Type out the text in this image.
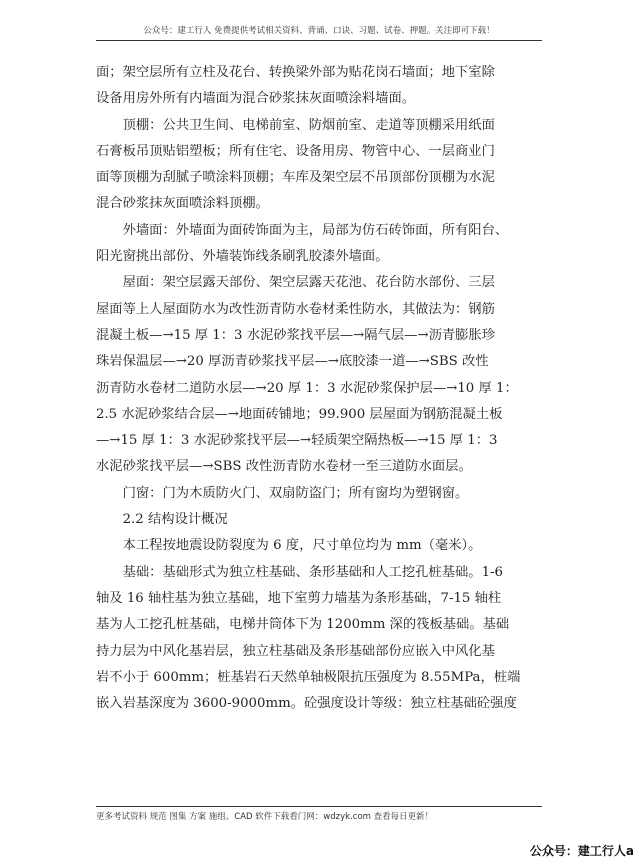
公众号：建工行人 免费提供考试相关资料、背诵、口诀、习题、试卷、押题。关注即可下载！

面；架空层所有立柱及花台、转换梁外部为贴花岗石墙面；地下室除

设备用房外所有内墙面为混合砂浆抹灰面喷涂料墙面。

　　顶棚：公共卫生间、电梯前室、防烟前室、走道等顶棚采用纸面

石膏板吊顶贴铝塑板；所有住宅、设备用房、物管中心、一层商业门

面等顶棚为刮腻子喷涂料顶棚；车库及架空层不吊顶部份顶棚为水泥

混合砂浆抹灰面喷涂料顶棚。

　　外墙面：外墙面为面砖饰面为主，局部为仿石砖饰面，所有阳台、

阳光窗挑出部份、外墙装饰线条刷乳胶漆外墙面。

　　屋面：架空层露天部份、架空层露天花池、花台防水部份、三层

屋面等上人屋面防水为改性沥青防水卷材柔性防水，其做法为：钢筋

混凝土板—→15 厚 1：3 水泥砂浆找平层—→隔气层—→沥青膨胀珍

珠岩保温层—→20 厚沥青砂浆找平层—→底胶漆一道—→SBS 改性

沥青防水卷材二道防水层—→20 厚 1：3 水泥砂浆保护层—→10 厚 1：

2.5 水泥砂浆结合层—→地面砖铺地；99.900 层屋面为钢筋混凝土板

—→15 厚 1：3 水泥砂浆找平层—→轻质架空隔热板—→15 厚 1：3

水泥砂浆找平层—→SBS 改性沥青防水卷材一至三道防水面层。

　　门窗：门为木质防火门、双扇防盗门；所有窗均为塑钢窗。

　　2.2 结构设计概况

　　本工程按地震设防裂度为 6 度，尺寸单位均为 mm（毫米）。

　　基础：基础形式为独立柱基础、条形基础和人工挖孔桩基础。1-6

轴及 16 轴柱基为独立基础，地下室剪力墙基为条形基础，7-15 轴柱

基为人工挖孔桩基础，电梯井筒体下为 1200mm 深的筏板基础。基础

持力层为中风化基岩层，独立柱基础及条形基础部份应嵌入中风化基

岩不小于 600mm；桩基岩石天然单轴极限抗压强度为 8.55MPa，桩端

嵌入岩基深度为 3600-9000mm。砼强度设计等级：独立柱基础砼强度

更多考试资料 规范 图集 方案 施组、CAD 软件下载看门网：wdzyk.com 查看每日更新！
公众号：建工行人a
